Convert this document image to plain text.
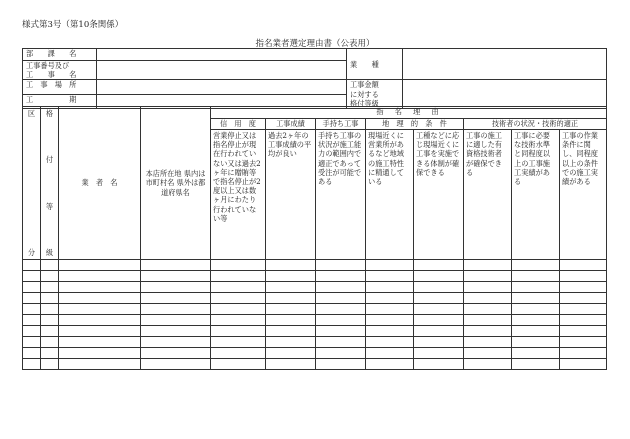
様式第3号（第10条関係）
指名業者選定理由書（公表用）
部　　課　　名		業　　種	

工事番号及び
工　　事　　名			

工　事　場　所		工事金額
に対する
格付等級	

工　　　　　期			
区
分	格
付
等
級	業　者　名	本店所在地 県内は市町村名 県外は都道府県名	指　名　理　由							
				信　用　度	工事成績	手持ち工事	地　理　的　条　件		技術者の状況・技術的適正		
				営業停止又は指名停止が現在行われていない又は過去2ヶ年に贈賄等で指名停止が2度以上又は数ヶ月にわたり行われていない等	過去2ヶ年の工事成績の平均が良い	手持ち工事の状況が施工能力の範囲内で適正であって受注が可能である	現場近くに営業所があるなど地域の施工特性に精通している	工種などに応じ現場近くに工事を実施できる体制が確保できる	工事の施工に適した有資格技術者が確保できる	工事に必要な技術水準と同程度以上の工事施工実績がある	工事の作業条件に関し、同程度以上の条件での施工実績がある
